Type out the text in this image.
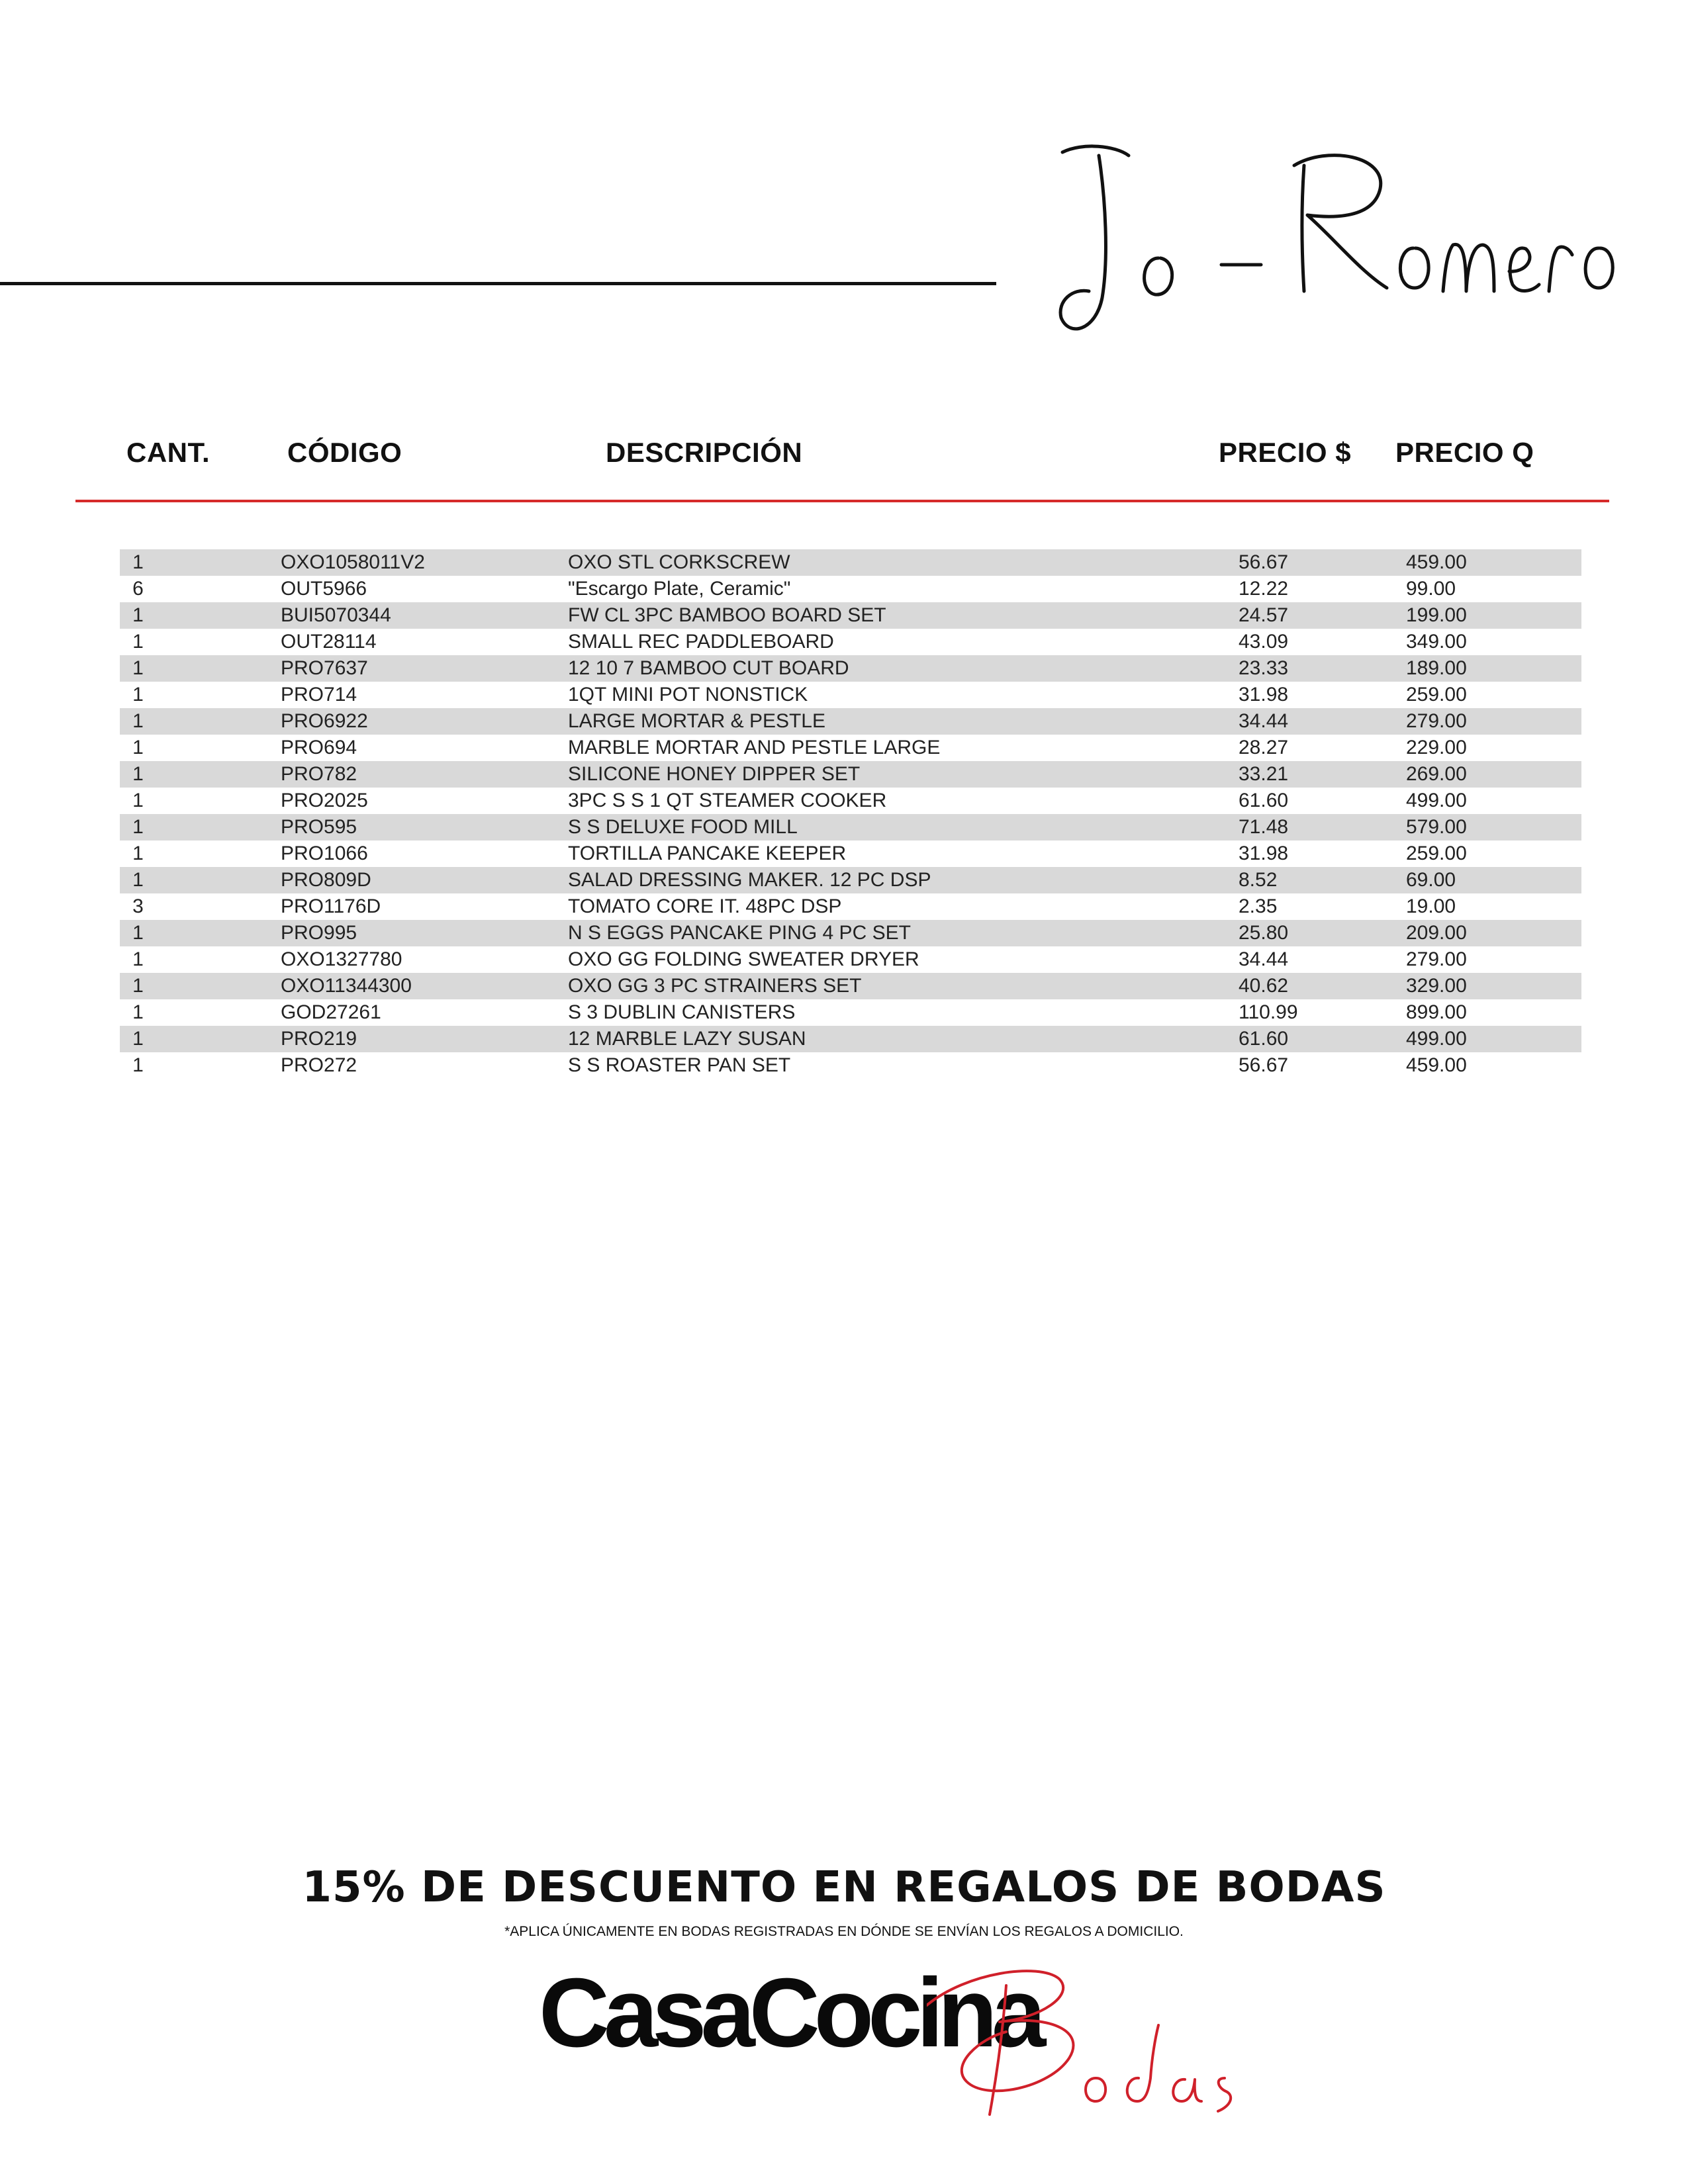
CANT.	CÓDIGO	DESCRIPCIÓN	PRECIO $ PRECIO Q
1	OXO1058011V2	OXO STL CORKSCREW	56.67	459.00
6	OUT5966	"Escargo Plate, Ceramic"	12.22	99.00
1	BUI5070344	FW CL 3PC BAMBOO BOARD SET	24.57	199.00
1	OUT28114	SMALL REC PADDLEBOARD	43.09	349.00
1	PRO7637	12 10 7 BAMBOO CUT BOARD	23.33	189.00
1	PRO714	1QT MINI POT NONSTICK	31.98	259.00
1	PRO6922	LARGE MORTAR & PESTLE	34.44	279.00
1	PRO694	MARBLE MORTAR AND PESTLE LARGE	28.27	229.00
1	PRO782	SILICONE HONEY DIPPER SET	33.21	269.00
1	PRO2025	3PC S S 1 QT STEAMER COOKER	61.60	499.00
1	PRO595	S S DELUXE FOOD MILL	71.48	579.00
1	PRO1066	TORTILLA PANCAKE KEEPER	31.98	259.00
1	PRO809D	SALAD DRESSING MAKER. 12 PC DSP	8.52	69.00
3	PRO1176D	TOMATO CORE IT. 48PC DSP	2.35	19.00
1	PRO995	N S EGGS PANCAKE PING 4 PC SET	25.80	209.00
1	OXO1327780	OXO GG FOLDING SWEATER DRYER	34.44	279.00
1	OXO11344300	OXO GG 3 PC STRAINERS SET	40.62	329.00
1	GOD27261	S 3 DUBLIN CANISTERS	110.99	899.00
1	PRO219	12 MARBLE LAZY SUSAN	61.60	499.00
1	PRO272	S S ROASTER PAN SET	56.67	459.00
15% DE DESCUENTO EN REGALOS DE BODAS
*APLICA ÚNICAMENTE EN BODAS REGISTRADAS EN DÓNDE SE ENVÍAN LOS REGALOS A DOMICILIO.
CasaCocina
